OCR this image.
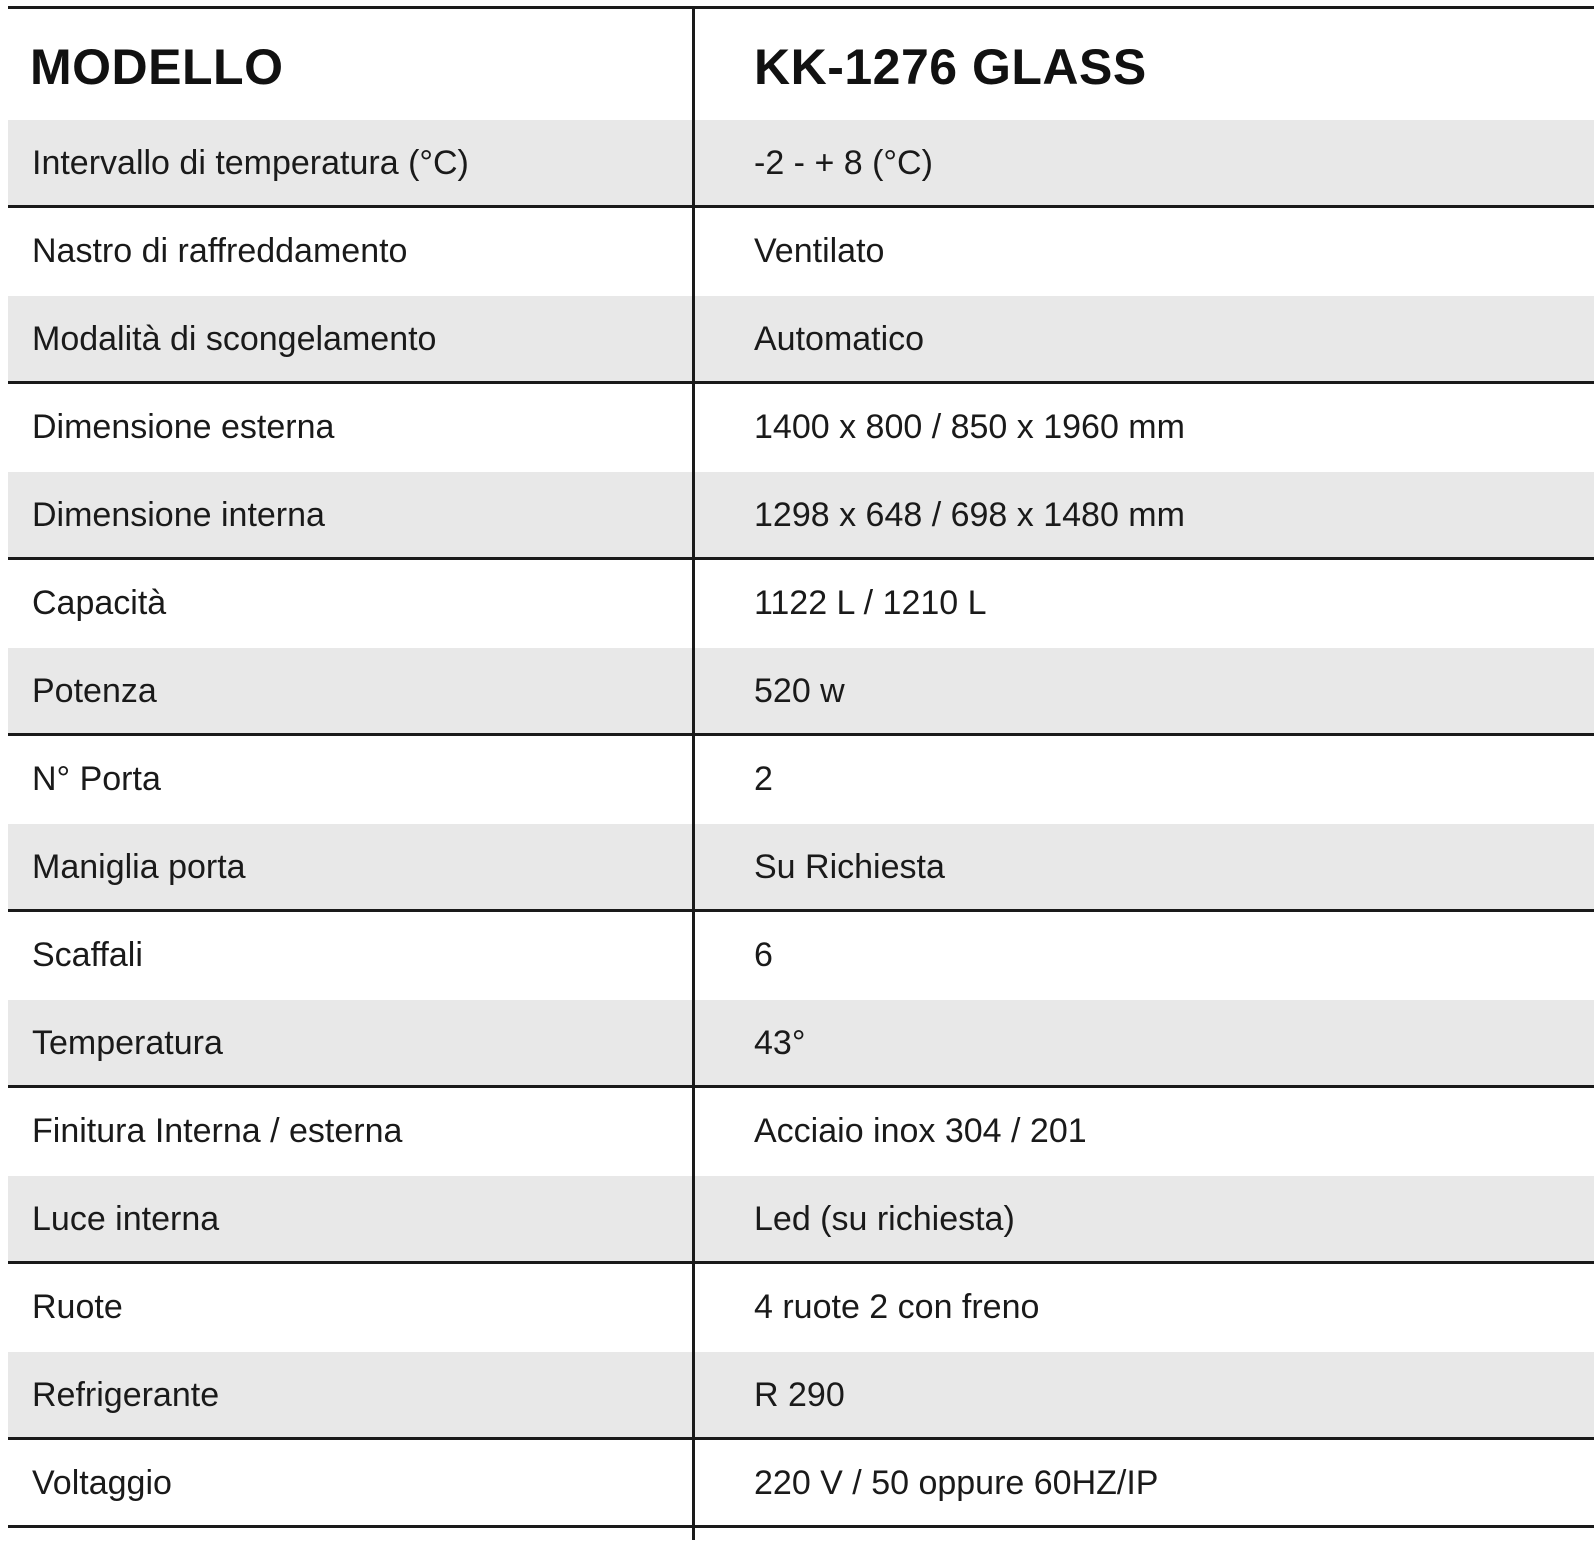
MODELLO	KK-1276 GLASS
Intervallo di temperatura (°C)	-2 - + 8 (°C)
Nastro di raffreddamento	Ventilato
Modalità di scongelamento	Automatico
Dimensione esterna	1400 x 800 / 850 x 1960 mm
Dimensione interna	1298 x 648 / 698 x 1480 mm
Capacità	1122 L / 1210 L
Potenza	520 w
N° Porta	2
Maniglia porta	Su Richiesta
Scaffali	6
Temperatura	43°
Finitura Interna / esterna	Acciaio inox 304 / 201
Luce interna	Led (su richiesta)
Ruote	4 ruote 2 con freno
Refrigerante	R 290
Voltaggio	220 V / 50 oppure 60HZ/IP
